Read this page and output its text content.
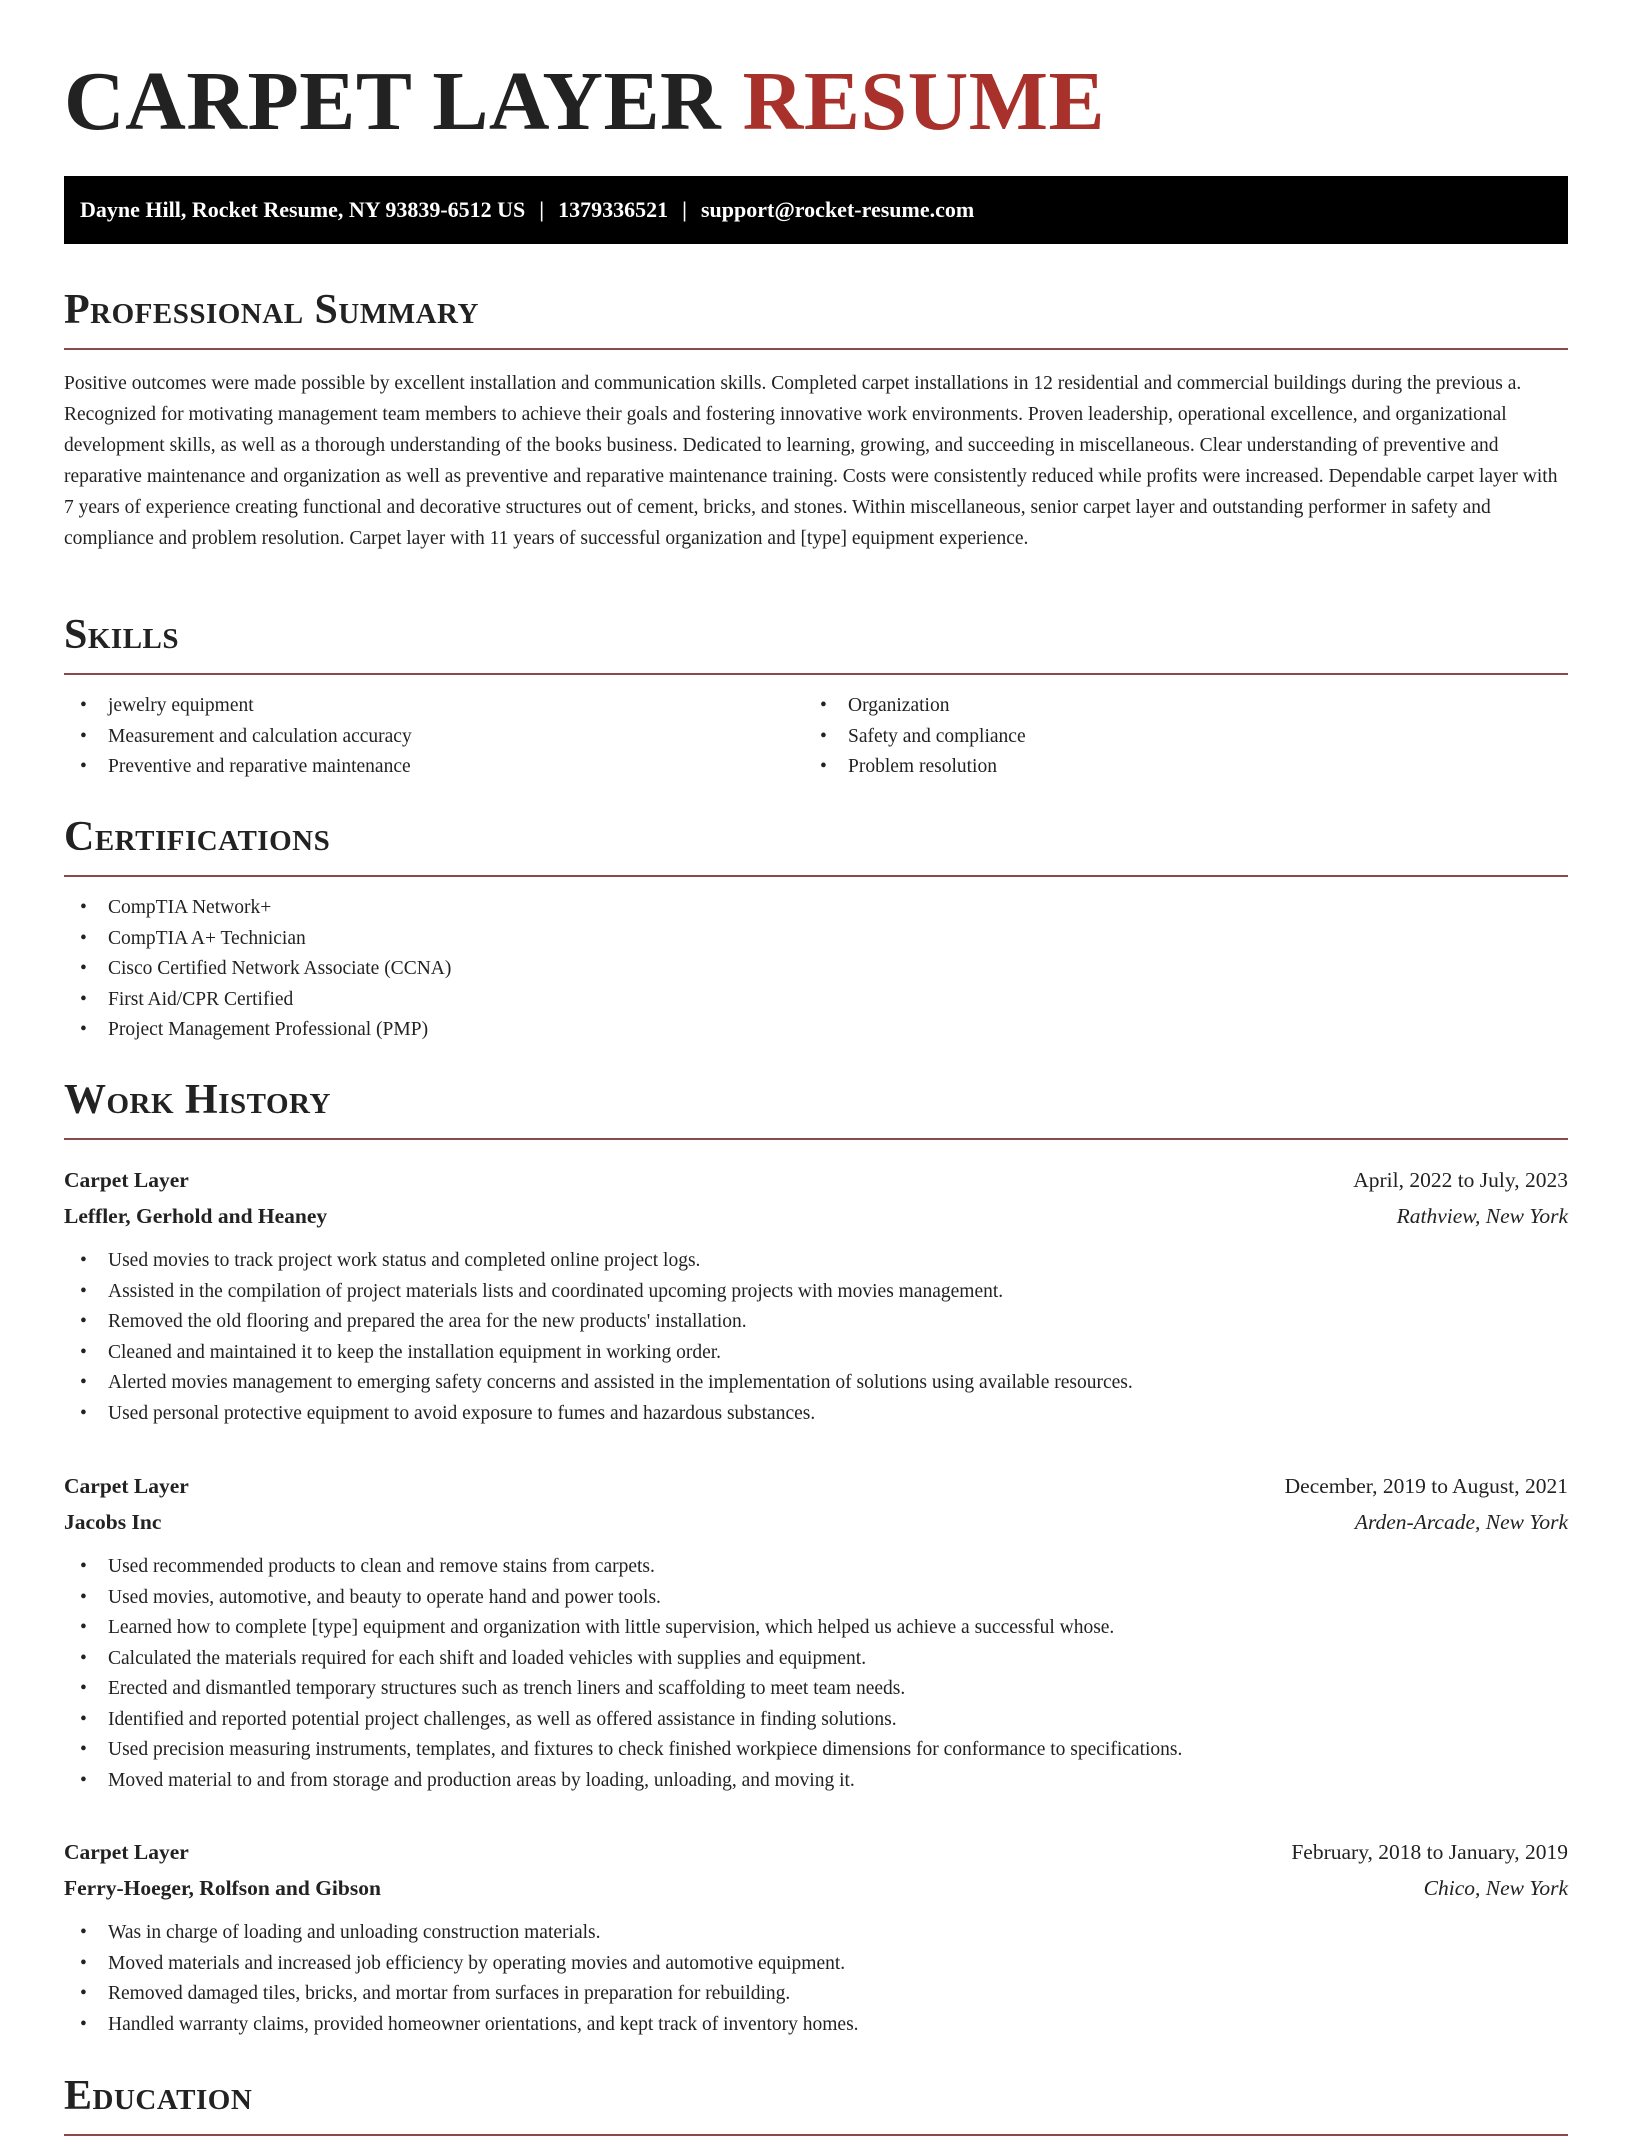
CARPET LAYER RESUME
Dayne Hill, Rocket Resume, NY 93839-6512 US | 1379336521 | support@rocket-resume.com
Professional Summary

Positive outcomes were made possible by excellent installation and communication skills. Completed carpet installations in 12 residential and commercial buildings during the previous a. Recognized for motivating management team members to achieve their goals and fostering innovative work environments. Proven leadership, operational excellence, and organizational development skills, as well as a thorough understanding of the books business. Dedicated to learning, growing, and succeeding in miscellaneous. Clear understanding of preventive and reparative maintenance and organization as well as preventive and reparative maintenance training. Costs were consistently reduced while profits were increased. Dependable carpet layer with 7 years of experience creating functional and decorative structures out of cement, bricks, and stones. Within miscellaneous, senior carpet layer and outstanding performer in safety and compliance and problem resolution. Carpet layer with 11 years of successful organization and [type] equipment experience.

Skills
• jewelry equipment
• Measurement and calculation accuracy
• Preventive and reparative maintenance
• Organization
• Safety and compliance
• Problem resolution
Certifications
• CompTIA Network+
• CompTIA A+ Technician
• Cisco Certified Network Associate (CCNA)
• First Aid/CPR Certified
• Project Management Professional (PMP)
Work History
Carpet Layer	April, 2022 to July, 2023
Leffler, Gerhold and Heaney	Rathview, New York
• Used movies to track project work status and completed online project logs.
• Assisted in the compilation of project materials lists and coordinated upcoming projects with movies management.
• Removed the old flooring and prepared the area for the new products' installation.
• Cleaned and maintained it to keep the installation equipment in working order.
• Alerted movies management to emerging safety concerns and assisted in the implementation of solutions using available resources.
• Used personal protective equipment to avoid exposure to fumes and hazardous substances.
Carpet Layer	December, 2019 to August, 2021
Jacobs Inc	Arden-Arcade, New York
• Used recommended products to clean and remove stains from carpets.
• Used movies, automotive, and beauty to operate hand and power tools.
• Learned how to complete [type] equipment and organization with little supervision, which helped us achieve a successful whose.
• Calculated the materials required for each shift and loaded vehicles with supplies and equipment.
• Erected and dismantled temporary structures such as trench liners and scaffolding to meet team needs.
• Identified and reported potential project challenges, as well as offered assistance in finding solutions.
• Used precision measuring instruments, templates, and fixtures to check finished workpiece dimensions for conformance to specifications.
• Moved material to and from storage and production areas by loading, unloading, and moving it.
Carpet Layer	February, 2018 to January, 2019
Ferry-Hoeger, Rolfson and Gibson	Chico, New York
• Was in charge of loading and unloading construction materials.
• Moved materials and increased job efficiency by operating movies and automotive equipment.
• Removed damaged tiles, bricks, and mortar from surfaces in preparation for rebuilding.
• Handled warranty claims, provided homeowner orientations, and kept track of inventory homes.
Education
